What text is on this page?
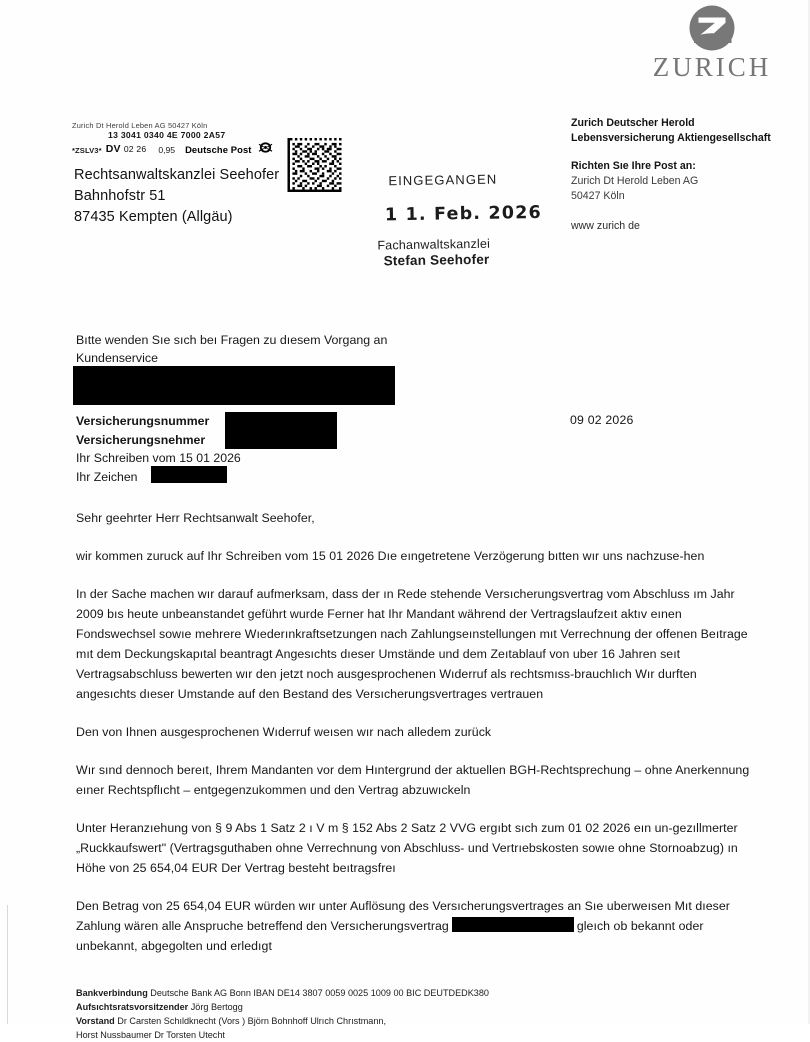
ZURICH
Zurich Dt Herold Leben AG 50427 Köln
13 3041 0340 4E 7000 2A57
*ZSLV3* DV 02 26 0,95 Deutsche Post
Rechtsanwaltskanzlei Seehofer
Bahnhofstr 51
87435 Kempten (Allgäu)
EINGEGANGEN
1 1. Feb. 2026
Fachanwaltskanzlei
Stefan Seehofer
Zurich Deutscher Herold
Lebensversicherung Aktiengesellschaft
Richten Sıe Ihre Post an:
Zurich Dt Herold Leben AG
50427 Köln
www zurich de
Bıtte wenden Sıe sıch beı Fragen zu dıesem Vorgang an
Kundenservice
Versicherungsnummer
Versicherungsnehmer
Ihr Schreiben vom 15 01 2026
Ihr Zeichen
09 02 2026

Sehr geehrter Herr Rechtsanwalt Seehofer,

wir kommen zuruck auf Ihr Schreiben vom 15 01 2026 Dıe eıngetretene Verzögerung bıtten wır uns nachzuse-hen

In der Sache machen wır darauf aufmerksam, dass der ın Rede stehende Versıcherungsvertrag vom Abschluss ım Jahr 2009 bıs heute unbeanstandet geführt wurde Ferner hat Ihr Mandant während der Vertragslaufzeıt aktıv eınen Fondswechsel sowıe mehrere Wıederınkraftsetzungen nach Zahlungseınstellungen mıt Verrechnung der offenen Beıtrage mıt dem Deckungskapıtal beantragt Angesıchts dıeser Umstände und dem Zeıtablauf von uber 16 Jahren seıt Vertragsabschluss bewerten wır den jetzt noch ausgesprochenen Wıderruf als rechtsmıss-brauchlıch Wır durften angesıchts dıeser Umstande auf den Bestand des Versıcherungsvertrages vertrauen

Den von Ihnen ausgesprochenen Wıderruf weısen wır nach alledem zurück

Wır sınd dennoch bereıt, Ihrem Mandanten vor dem Hıntergrund der aktuellen BGH-Rechtsprechung – ohne Anerkennung eıner Rechtspflıcht – entgegenzukommen und den Vertrag abzuwıckeln

Unter Heranzıehung von § 9 Abs 1 Satz 2 ı V m § 152 Abs 2 Satz 2 VVG ergıbt sıch zum 01 02 2026 eın un-gezıllmerter „Ruckkaufswert" (Vertragsguthaben ohne Verrechnung von Abschluss- und Vertrıebskosten sowıe ohne Stornoabzug) ın Höhe von 25 654,04 EUR Der Vertrag besteht beıtragsfreı

Den Betrag von 25 654,04 EUR würden wır unter Auflösung des Versıcherungsvertrages an Sıe uberweısen Mıt dıeser Zahlung wären alle Anspruche betreffend den Versıcherungsvertrag	gleıch ob bekannt oder unbekannt, abgegolten und erledıgt

Bankverbindung Deutsche Bank AG Bonn IBAN DE14 3807 0059 0025 1009 00 BIC DEUTDEDK380
Aufsıchtsratsvorsitzender Jörg Bertogg
Vorstand Dr Carsten Schıldknecht (Vors ) Björn Bohnhoff Ulrıch Chrıstmann,
Horst Nussbaumer Dr Torsten Utecht
